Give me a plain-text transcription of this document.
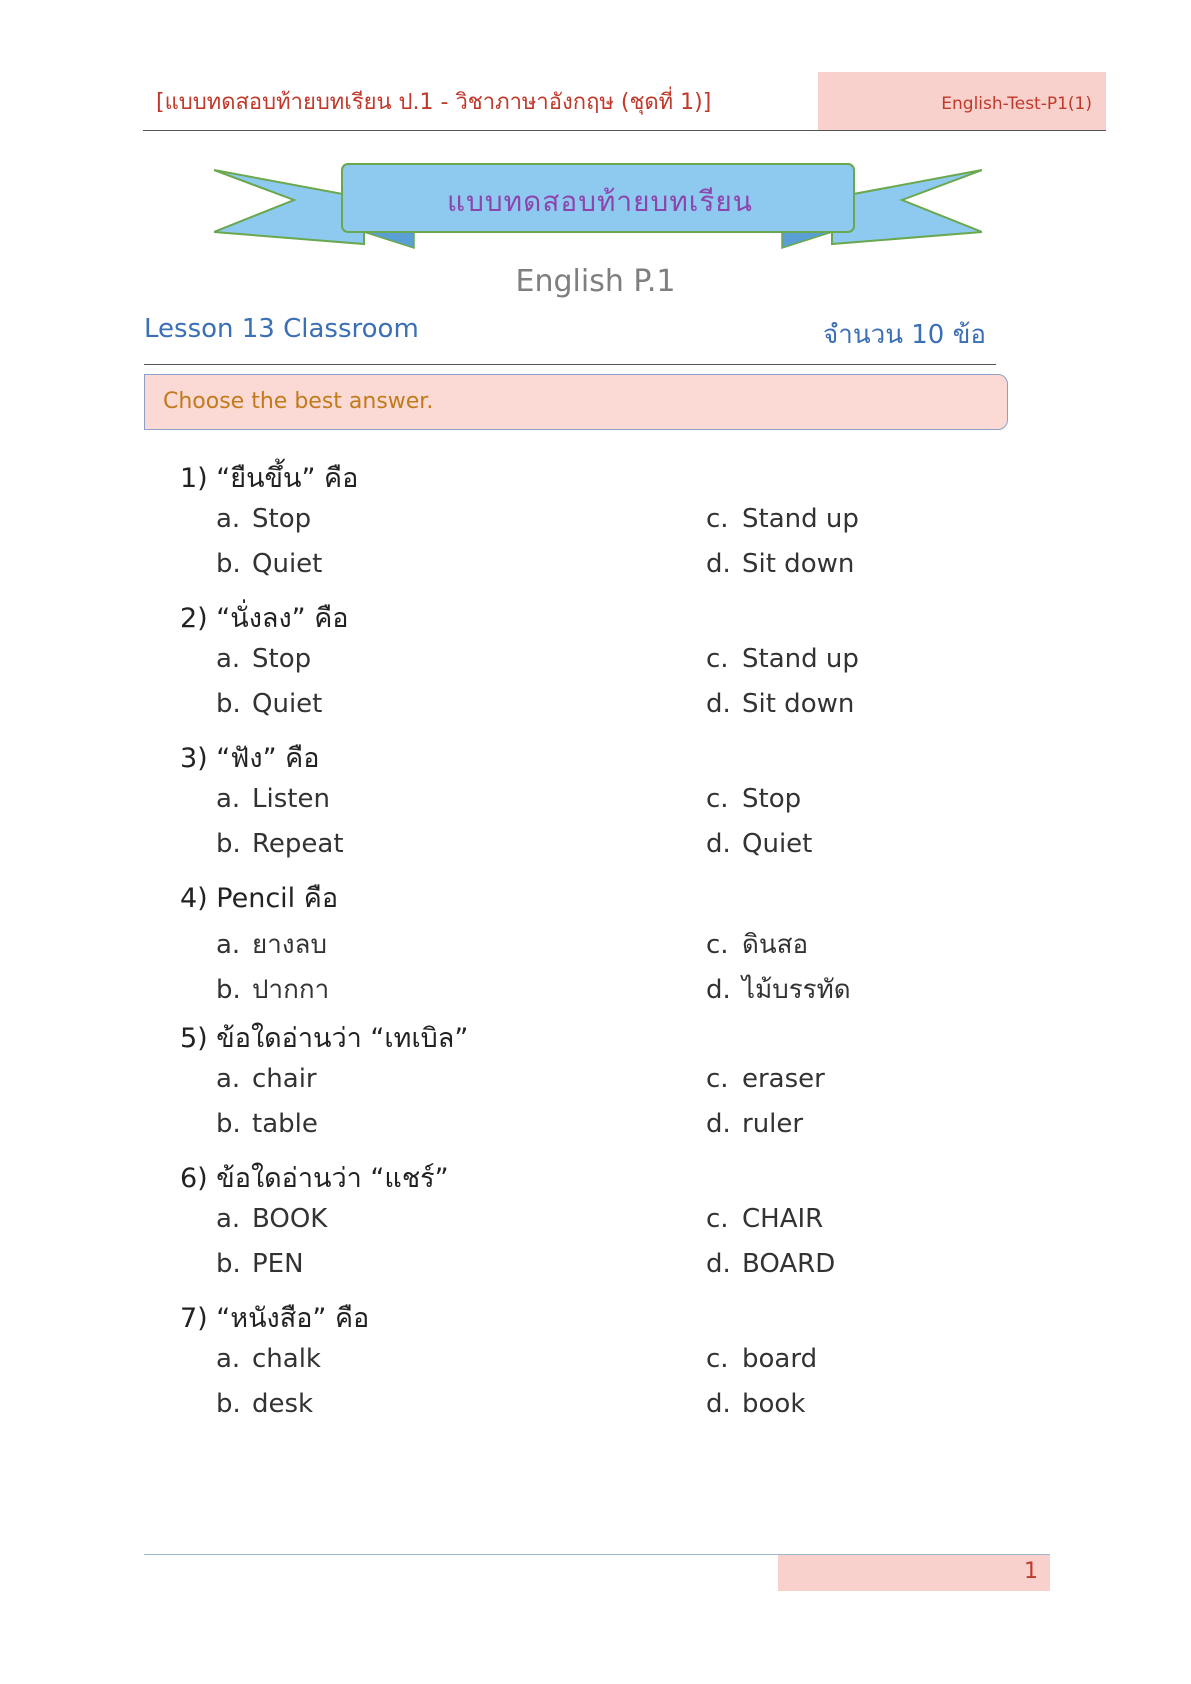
[แบบทดสอบท้ายบทเรียน ป.1 - วิชาภาษาอังกฤษ (ชุดที่ 1)]	English-Test-P1(1)
แบบทดสอบท้ายบทเรียน
English P.1
Lesson 13 Classroom	จำนวน 10 ข้อ
Choose the best answer.
1) “ยืนขึ้น” คือ
a. Stop
b. Quiet
c. Stand up
d. Sit down
2) “นั่งลง” คือ
a. Stop
b. Quiet
c. Stand up
d. Sit down
3) “ฟัง” คือ
a. Listen
b. Repeat
c. Stop
d. Quiet
4) Pencil คือ
a. ยางลบ
b. ปากกา
c. ดินสอ
d. ไม้บรรทัด
5) ข้อใดอ่านว่า “เทเบิล”
a. chair
b. table
c. eraser
d. ruler
6) ข้อใดอ่านว่า “แชร์”
a. BOOK
b. PEN
c. CHAIR
d. BOARD
7) “หนังสือ” คือ
a. chalk
b. desk
c. board
d. book
1
